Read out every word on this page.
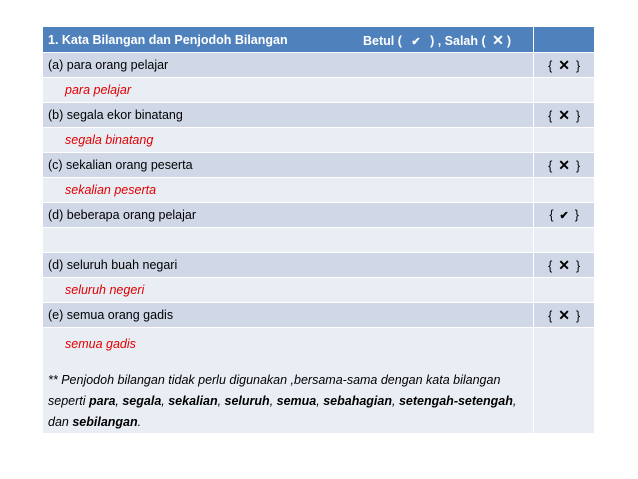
1. Kata Bilangan dan Penjodoh Bilangan Betul ( ✔ ) , Salah ( ✕ )	

(a) para orang pelajar	{ ✕ }
para pelajar	
(b) segala ekor binatang	{ ✕ }
segala binatang	
(c) sekalian orang peserta	{ ✕ }
sekalian peserta	
(d) beberapa orang pelajar	{ ✔ }

(d) seluruh buah negari	{ ✕ }
seluruh negeri	
(e) semua orang gadis	{ ✕ }

semua gadis
** Penjodoh bilangan tidak perlu digunakan ,bersama-sama dengan kata bilangan seperti para, segala, sekalian, seluruh, semua, sebahagian, setengah-setengah, dan sebilangan.	
